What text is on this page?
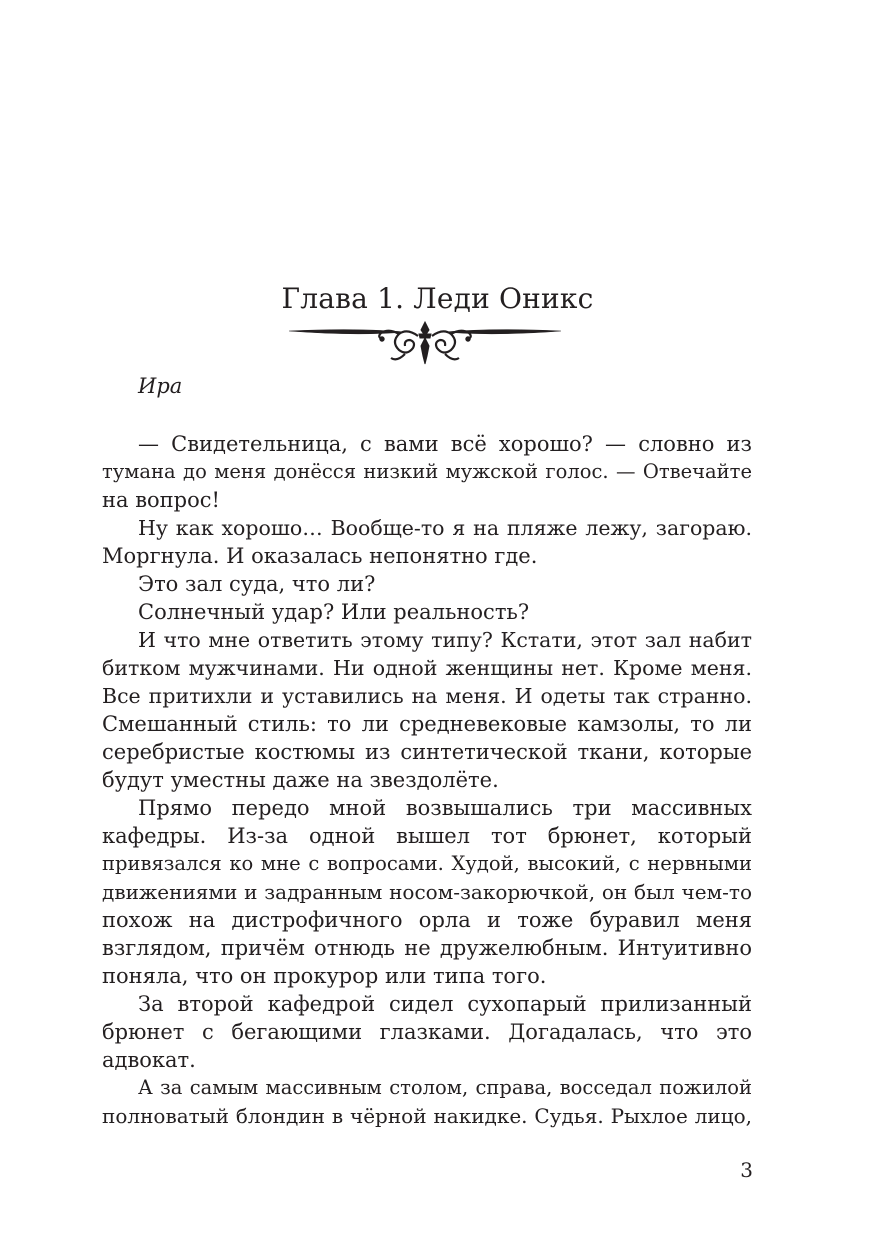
Глава 1. Леди Оникс

Ира

— Свидетельница, с вами всё хорошо? — словно из
тумана до меня донёсся низкий мужской голос. — Отвечайте
на вопрос!

Ну как хорошо… Вообще-то я на пляже лежу, загораю.
Моргнула. И оказалась непонятно где.

Это зал суда, что ли?

Солнечный удар? Или реальность?

И что мне ответить этому типу? Кстати, этот зал набит
битком мужчинами. Ни одной женщины нет. Кроме меня.
Все притихли и уставились на меня. И одеты так странно.
Смешанный стиль: то ли средневековые камзолы, то ли
серебристые костюмы из синтетической ткани, которые
будут уместны даже на звездолёте.

Прямо передо мной возвышались три массивных
кафедры. Из-за одной вышел тот брюнет, который
привязался ко мне с вопросами. Худой, высокий, с нервными
движениями и задранным носом-закорючкой, он был чем-то
похож на дистрофичного орла и тоже буравил меня
взглядом, причём отнюдь не дружелюбным. Интуитивно
поняла, что он прокурор или типа того.

За второй кафедрой сидел сухопарый прилизанный
брюнет с бегающими глазками. Догадалась, что это
адвокат.

А за самым массивным столом, справа, восседал пожилой
полноватый блондин в чёрной накидке. Судья. Рыхлое лицо,

3
